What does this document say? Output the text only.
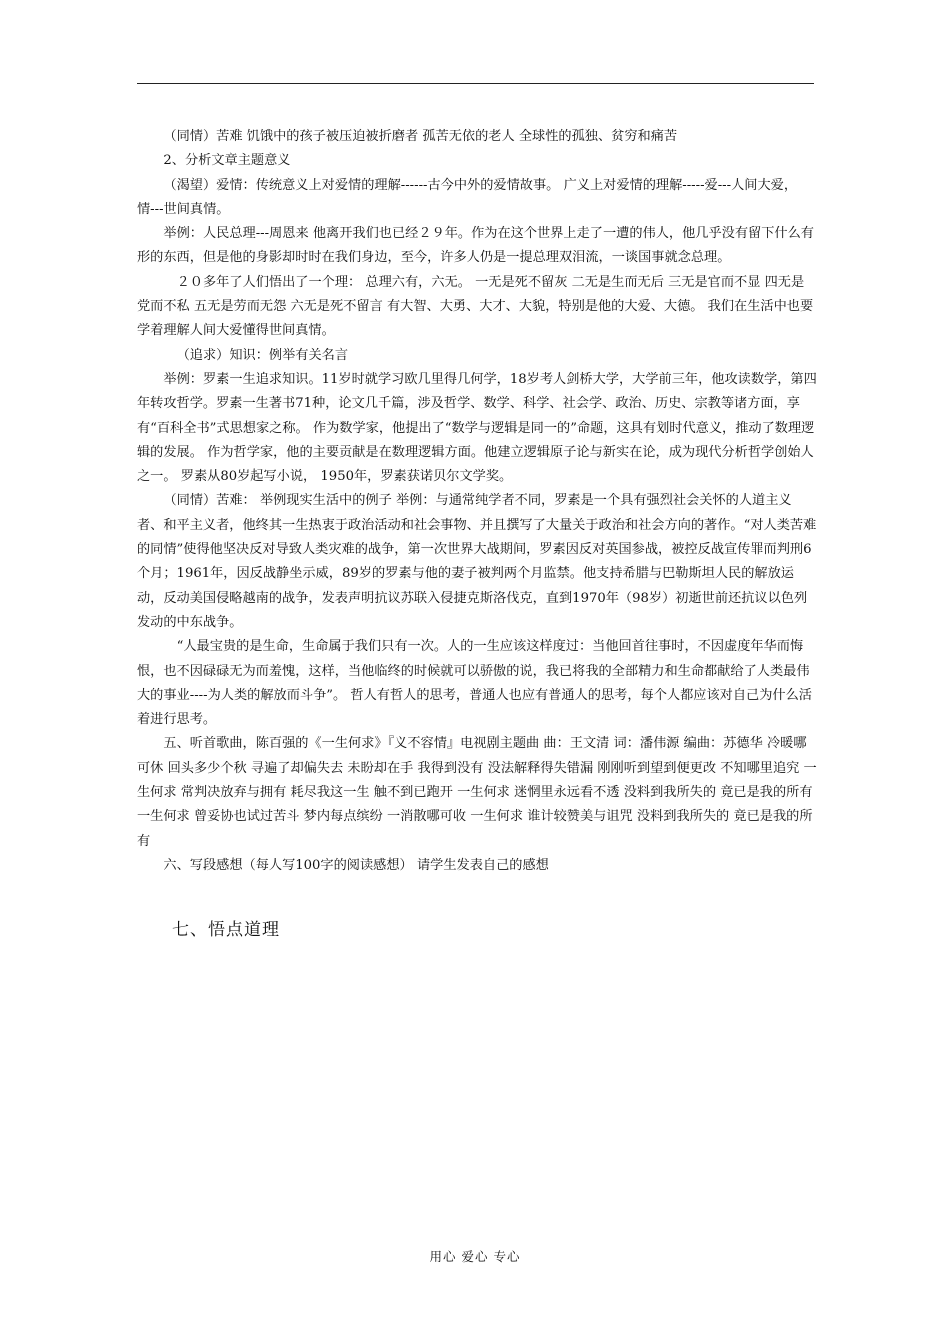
（同情）苦难 饥饿中的孩子被压迫被折磨者 孤苦无依的老人 全球性的孤独、贫穷和痛苦

2、分析文章主题意义

（渴望）爱情：传统意义上对爱情的理解------古今中外的爱情故事。 广义上对爱情的理解-----爱---人间大爱， 情---世间真情。

举例：人民总理---周恩来 他离开我们也已经２９年。作为在这个世界上走了一遭的伟人，他几乎没有留下什么有形的东西，但是他的身影却时时在我们身边，至今，许多人仍是一提总理双泪流，一谈国事就念总理。

２０多年了人们悟出了一个理： 总理六有，六无。 一无是死不留灰 二无是生而无后 三无是官而不显 四无是党而不私 五无是劳而无怨 六无是死不留言 有大智、大勇、大才、大貌，特别是他的大爱、大德。 我们在生活中也要学着理解人间大爱懂得世间真情。

（追求）知识：例举有关名言

举例：罗素一生追求知识。11岁时就学习欧几里得几何学，18岁考人剑桥大学，大学前三年，他攻读数学，第四年转攻哲学。罗素一生著书71种，论文几千篇，涉及哲学、数学、科学、社会学、政治、历史、宗教等诸方面，享有“百科全书”式思想家之称。 作为数学家，他提出了“数学与逻辑是同一的”命题，这具有划时代意义，推动了数理逻辑的发展。 作为哲学家，他的主要贡献是在数理逻辑方面。他建立逻辑原子论与新实在论，成为现代分析哲学创始人之一。 罗素从80岁起写小说， 1950年，罗素获诺贝尔文学奖。

（同情）苦难： 举例现实生活中的例子 举例：与通常纯学者不同，罗素是一个具有强烈社会关怀的人道主义者、和平主义者，他终其一生热衷于政治活动和社会事物、并且撰写了大量关于政治和社会方向的著作。“对人类苦难的同情”使得他坚决反对导致人类灾难的战争，第一次世界大战期间，罗素因反对英国参战，被控反战宣传罪而判刑6个月；1961年，因反战静坐示威，89岁的罗素与他的妻子被判两个月监禁。他支持希腊与巴勒斯坦人民的解放运动，反动美国侵略越南的战争，发表声明抗议苏联入侵捷克斯洛伐克，直到1970年（98岁）初逝世前还抗议以色列发动的中东战争。

“人最宝贵的是生命，生命属于我们只有一次。人的一生应该这样度过：当他回首往事时，不因虚度年华而悔恨，也不因碌碌无为而羞愧，这样，当他临终的时候就可以骄傲的说，我已将我的全部精力和生命都献给了人类最伟大的事业----为人类的解放而斗争”。 哲人有哲人的思考，普通人也应有普通人的思考，每个人都应该对自己为什么活着进行思考。

五、听首歌曲，陈百强的《一生何求》『义不容情』电视剧主题曲 曲：王文清 词：潘伟源 编曲：苏德华 冷暖哪可休 回头多少个秋 寻遍了却偏失去 未盼却在手 我得到没有 没法解释得失错漏 刚刚听到望到便更改 不知哪里追究 一生何求 常判决放弃与拥有 耗尽我这一生 触不到已跑开 一生何求 迷惘里永远看不透 没料到我所失的 竟已是我的所有 一生何求 曾妥协也试过苦斗 梦内每点缤纷 一消散哪可收 一生何求 谁计较赞美与诅咒 没料到我所失的 竟已是我的所有

六、写段感想（每人写100字的阅读感想） 请学生发表自己的感想

七、悟点道理
用心 爱心 专心
